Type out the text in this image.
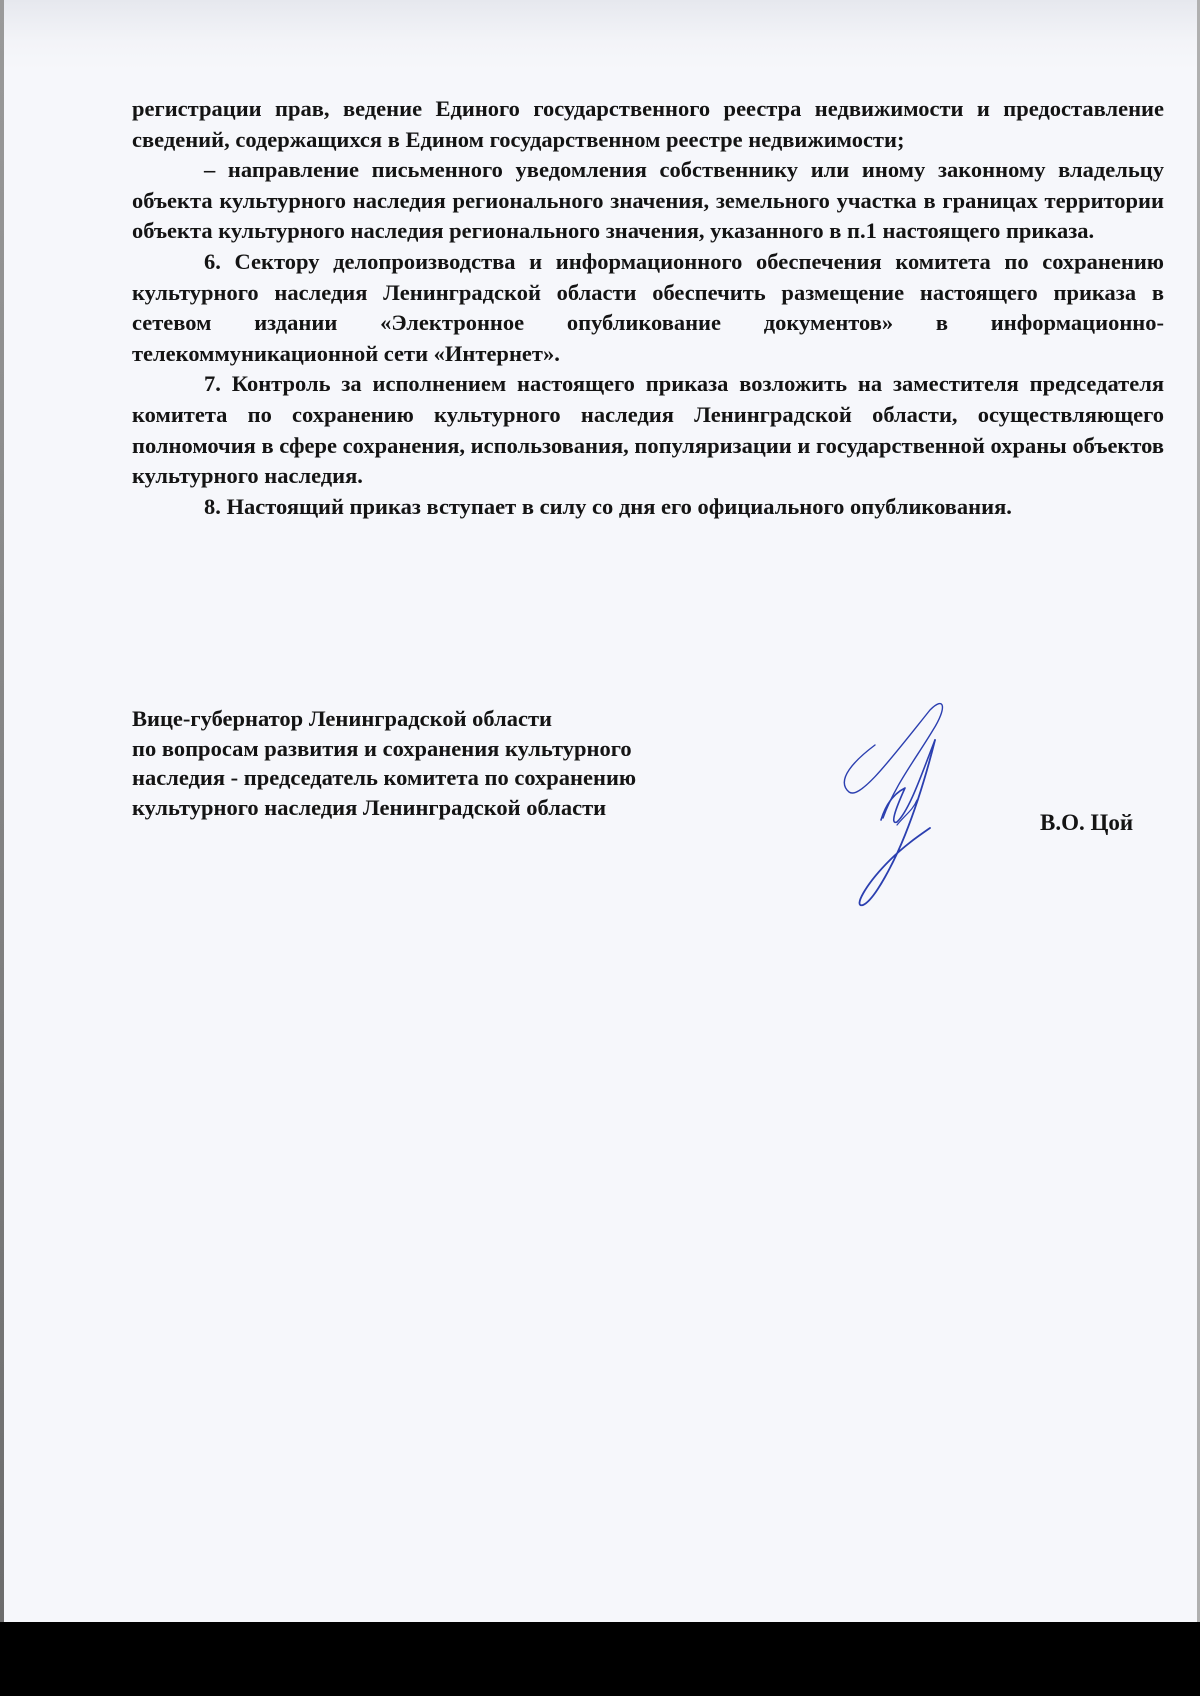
регистрации прав, ведение Единого государственного реестра недвижимости и предоставление сведений, содержащихся в Едином государственном реестре недвижимости;

– направление письменного уведомления собственнику или иному законному владельцу объекта культурного наследия регионального значения, земельного участка в границах территории объекта культурного наследия регионального значения, указанного в п.1 настоящего приказа.

6. Сектору делопроизводства и информационного обеспечения комитета по сохранению культурного наследия Ленинградской области обеспечить размещение настоящего приказа в сетевом издании «Электронное опубликование документов» в информационно-телекоммуникационной сети «Интернет».

7. Контроль за исполнением настоящего приказа возложить на заместителя председателя комитета по сохранению культурного наследия Ленинградской области, осуществляющего полномочия в сфере сохранения, использования, популяризации и государственной охраны объектов культурного наследия.

8. Настоящий приказ вступает в силу со дня его официального опубликования.

Вице-губернатор Ленинградской области
по вопросам развития и сохранения культурного
наследия - председатель комитета по сохранению
культурного наследия Ленинградской области
В.О. Цой
